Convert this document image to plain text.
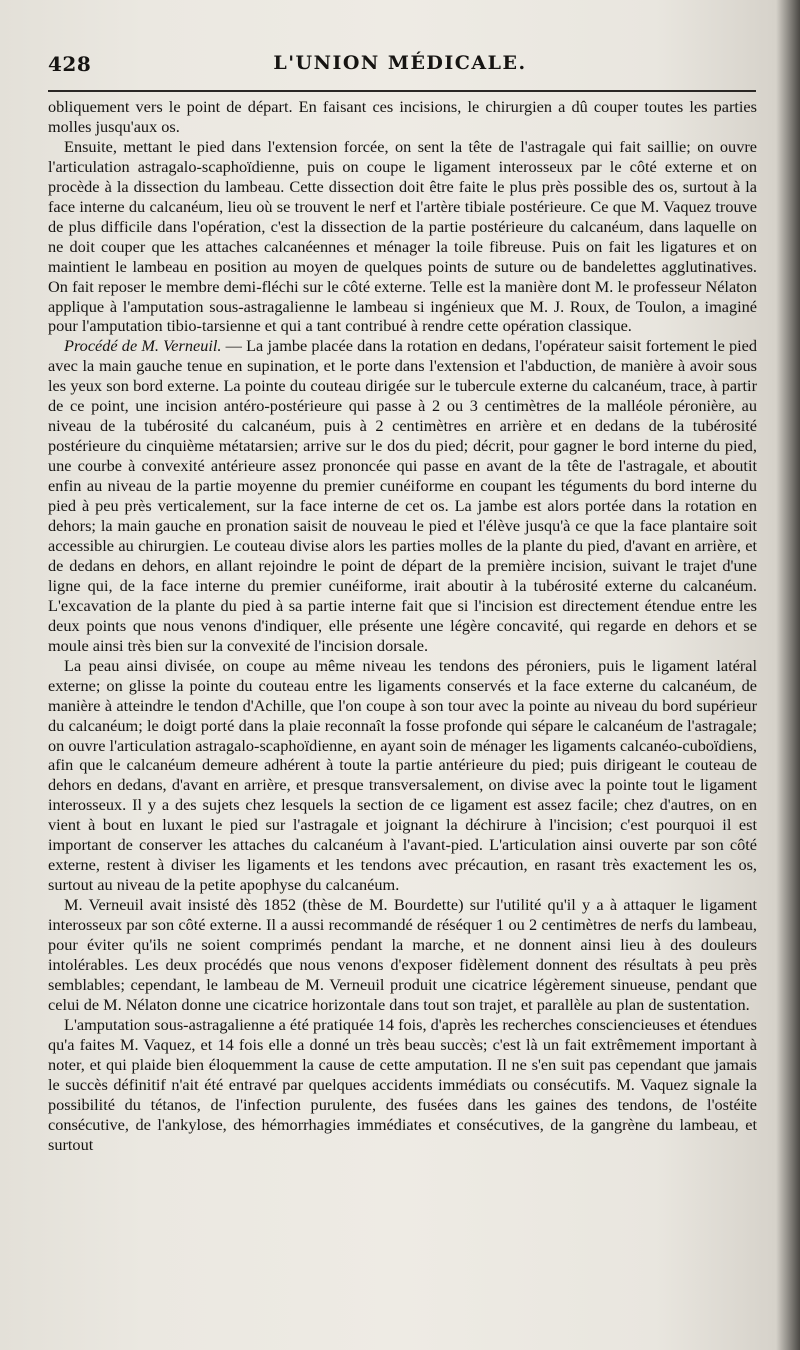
428	L'UNION MÉDICALE.

obliquement vers le point de départ. En faisant ces incisions, le chirurgien a dû couper toutes les parties molles jusqu'aux os.

Ensuite, mettant le pied dans l'extension forcée, on sent la tête de l'astragale qui fait saillie; on ouvre l'articulation astragalo-scaphoïdienne, puis on coupe le ligament interosseux par le côté externe et on procède à la dissection du lambeau. Cette dissection doit être faite le plus près possible des os, surtout à la face interne du calcanéum, lieu où se trouvent le nerf et l'artère tibiale postérieure. Ce que M. Vaquez trouve de plus difficile dans l'opération, c'est la dissection de la partie postérieure du calcanéum, dans laquelle on ne doit couper que les attaches calcanéennes et ménager la toile fibreuse. Puis on fait les ligatures et on maintient le lambeau en position au moyen de quelques points de suture ou de bandelettes agglutinatives. On fait reposer le membre demi-fléchi sur le côté externe. Telle est la manière dont M. le professeur Nélaton applique à l'amputation sous-astragalienne le lambeau si ingénieux que M. J. Roux, de Toulon, a imaginé pour l'amputation tibio-tarsienne et qui a tant contribué à rendre cette opération classique.

Procédé de M. Verneuil. — La jambe placée dans la rotation en dedans, l'opérateur saisit fortement le pied avec la main gauche tenue en supination, et le porte dans l'extension et l'abduction, de manière à avoir sous les yeux son bord externe. La pointe du couteau dirigée sur le tubercule externe du calcanéum, trace, à partir de ce point, une incision antéro-postérieure qui passe à 2 ou 3 centimètres de la malléole péronière, au niveau de la tubérosité du calcanéum, puis à 2 centimètres en arrière et en dedans de la tubérosité postérieure du cinquième métatarsien; arrive sur le dos du pied; décrit, pour gagner le bord interne du pied, une courbe à convexité antérieure assez prononcée qui passe en avant de la tête de l'astragale, et aboutit enfin au niveau de la partie moyenne du premier cunéiforme en coupant les téguments du bord interne du pied à peu près verticalement, sur la face interne de cet os. La jambe est alors portée dans la rotation en dehors; la main gauche en pronation saisit de nouveau le pied et l'élève jusqu'à ce que la face plantaire soit accessible au chirurgien. Le couteau divise alors les parties molles de la plante du pied, d'avant en arrière, et de dedans en dehors, en allant rejoindre le point de départ de la première incision, suivant le trajet d'une ligne qui, de la face interne du premier cunéiforme, irait aboutir à la tubérosité externe du calcanéum. L'excavation de la plante du pied à sa partie interne fait que si l'incision est directement étendue entre les deux points que nous venons d'indiquer, elle présente une légère concavité, qui regarde en dehors et se moule ainsi très bien sur la convexité de l'incision dorsale.

La peau ainsi divisée, on coupe au même niveau les tendons des péroniers, puis le ligament latéral externe; on glisse la pointe du couteau entre les ligaments conservés et la face externe du calcanéum, de manière à atteindre le tendon d'Achille, que l'on coupe à son tour avec la pointe au niveau du bord supérieur du calcanéum; le doigt porté dans la plaie reconnaît la fosse profonde qui sépare le calcanéum de l'astragale; on ouvre l'articulation astragalo-scaphoïdienne, en ayant soin de ménager les ligaments calcanéo-cuboïdiens, afin que le calcanéum demeure adhérent à toute la partie antérieure du pied; puis dirigeant le couteau de dehors en dedans, d'avant en arrière, et presque transversalement, on divise avec la pointe tout le ligament interosseux. Il y a des sujets chez lesquels la section de ce ligament est assez facile; chez d'autres, on en vient à bout en luxant le pied sur l'astragale et joignant la déchirure à l'incision; c'est pourquoi il est important de conserver les attaches du calcanéum à l'avant-pied. L'articulation ainsi ouverte par son côté externe, restent à diviser les ligaments et les tendons avec précaution, en rasant très exactement les os, surtout au niveau de la petite apophyse du calcanéum.

M. Verneuil avait insisté dès 1852 (thèse de M. Bourdette) sur l'utilité qu'il y a à attaquer le ligament interosseux par son côté externe. Il a aussi recommandé de réséquer 1 ou 2 centimètres de nerfs du lambeau, pour éviter qu'ils ne soient comprimés pendant la marche, et ne donnent ainsi lieu à des douleurs intolérables. Les deux procédés que nous venons d'exposer fidèlement donnent des résultats à peu près semblables; cependant, le lambeau de M. Verneuil produit une cicatrice légèrement sinueuse, pendant que celui de M. Nélaton donne une cicatrice horizontale dans tout son trajet, et parallèle au plan de sustentation.

L'amputation sous-astragalienne a été pratiquée 14 fois, d'après les recherches consciencieuses et étendues qu'a faites M. Vaquez, et 14 fois elle a donné un très beau succès; c'est là un fait extrêmement important à noter, et qui plaide bien éloquemment la cause de cette amputation. Il ne s'en suit pas cependant que jamais le succès définitif n'ait été entravé par quelques accidents immédiats ou consécutifs. M. Vaquez signale la possibilité du tétanos, de l'infection purulente, des fusées dans les gaines des tendons, de l'ostéite consécutive, de l'ankylose, des hémorrhagies immédiates et consécutives, de la gangrène du lambeau, et surtout
